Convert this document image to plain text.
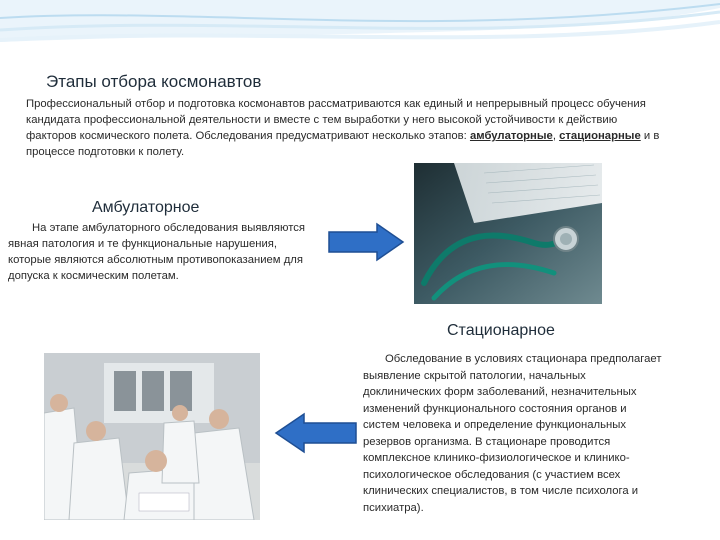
Этапы отбора космонавтов
Профессиональный отбор и подготовка космонавтов рассматриваются как единый и непрерывный процесс обучения кандидата профессиональной деятельности и вместе с тем выработки у него высокой устойчивости к действию факторов космического полета. Обследования предусматривают несколько этапов: амбулаторные, стационарные и в процессе подготовки к полету.
Амбулаторное
На этапе амбулаторного обследования выявляются явная патология и те функциональные нарушения, которые являются абсолютным противопоказанием для допуска к космическим полетам.
Стационарное
Обследование в условиях стационара предполагает выявление скрытой патологии, начальных доклинических форм заболеваний, незначительных изменений функционального состояния органов и систем человека и определение функциональных резервов организма. В стационаре проводится комплексное клинико-физиологическое и клинико-психологическое обследования (с участием всех клинических специалистов, в том числе психолога и психиатра).
